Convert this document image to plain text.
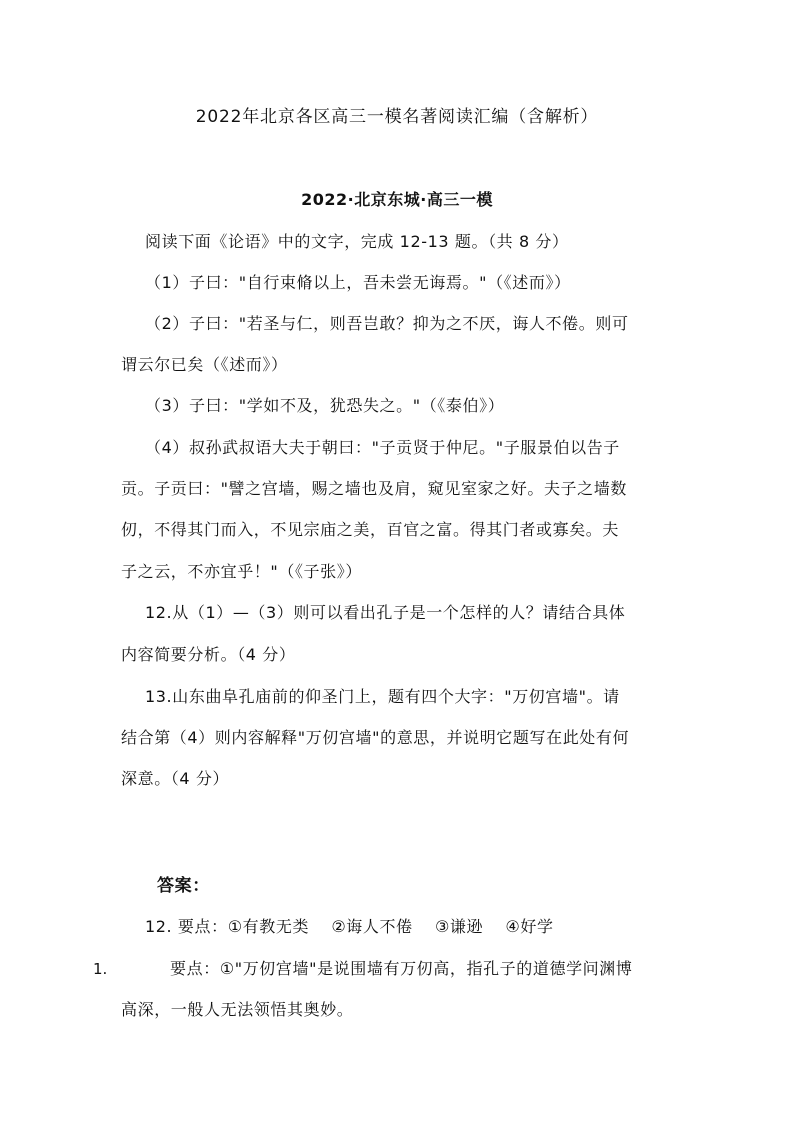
2022年北京各区高三一模名著阅读汇编（含解析）
2022·北京东城·高三一模
阅读下面《论语》中的文字，完成 12-13 题。（共 8 分）
（1）子曰："自行束脩以上，吾未尝无诲焉。"（《述而》）
（2）子曰："若圣与仁，则吾岂敢？抑为之不厌，诲人不倦。则可
谓云尔已矣（《述而》）
（3）子曰："学如不及，犹恐失之。"（《泰伯》）
（4）叔孙武叔语大夫于朝曰："子贡贤于仲尼。"子服景伯以告子
贡。子贡曰："譬之宫墙，赐之墙也及肩，窥见室家之好。夫子之墙数
仞，不得其门而入，不见宗庙之美，百官之富。得其门者或寡矣。夫
子之云，不亦宜乎！"（《子张》）
12.从（1）—（3）则可以看出孔子是一个怎样的人？请结合具体
内容简要分析。（4 分）
13.山东曲阜孔庙前的仰圣门上，题有四个大字："万仞宫墙"。请
结合第（4）则内容解释"万仞宫墙"的意思，并说明它题写在此处有何
深意。（4 分）
答案：
12. 要点：①有教无类　 ②诲人不倦　 ③谦逊　 ④好学
1.	要点：①"万仞宫墙"是说围墙有万仞高，指孔子的道德学问渊博
高深，一般人无法领悟其奥妙。
